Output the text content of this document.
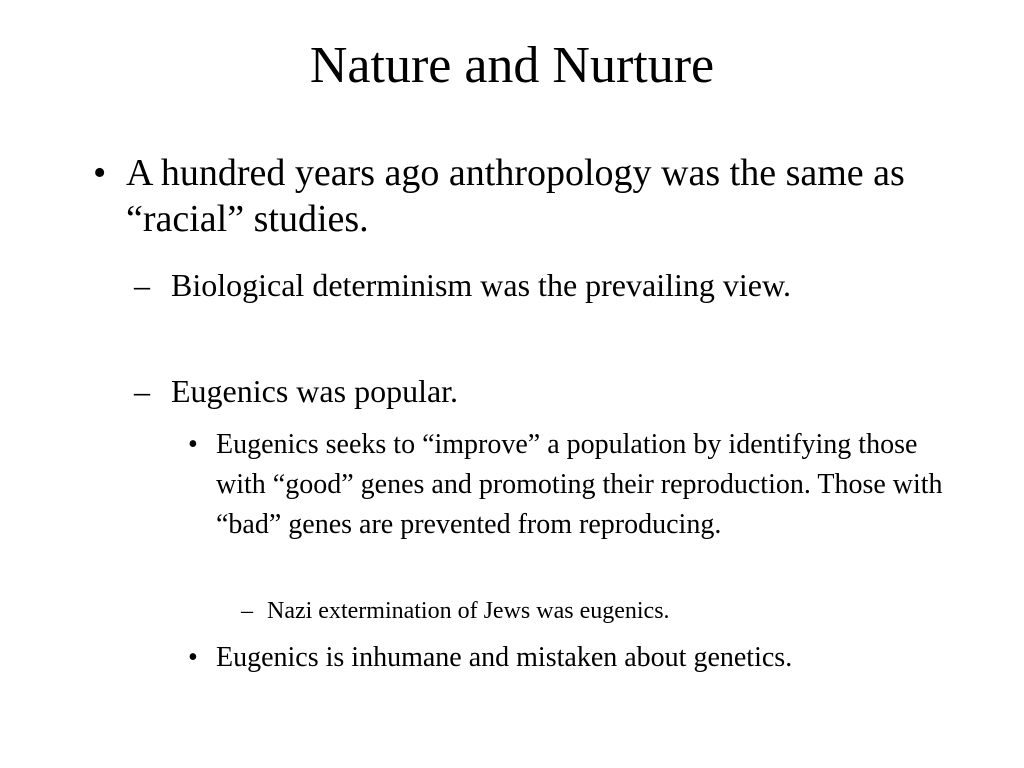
Nature and Nurture
• A hundred years ago anthropology was the same as “racial” studies.
– Biological determinism was the prevailing view.
– Eugenics was popular.
• Eugenics seeks to “improve” a population by identifying those with “good” genes and promoting their reproduction. Those with “bad” genes are prevented from reproducing.
– Nazi extermination of Jews was eugenics.
• Eugenics is inhumane and mistaken about genetics.
